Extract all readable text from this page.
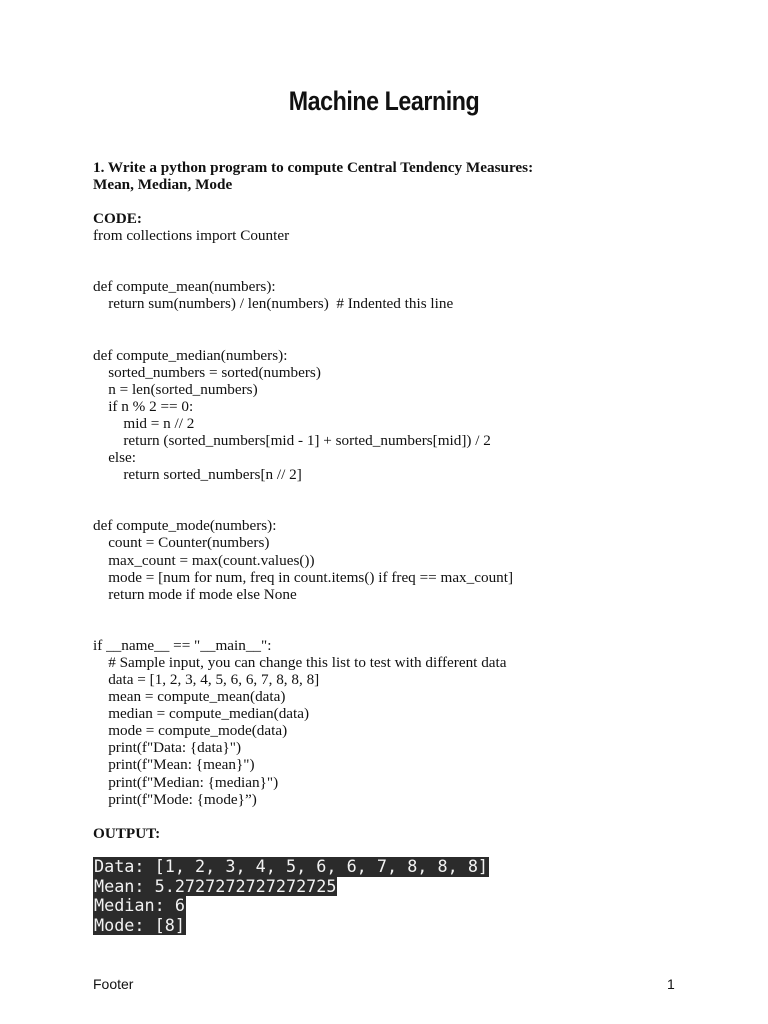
Machine Learning

1. Write a python program to compute Central Tendency Measures:

Mean, Median, Mode

CODE:

from collections import Counter

def compute_mean(numbers):

return sum(numbers) / len(numbers)  # Indented this line

def compute_median(numbers):

sorted_numbers = sorted(numbers)

n = len(sorted_numbers)

if n % 2 == 0:

mid = n // 2

return (sorted_numbers[mid - 1] + sorted_numbers[mid]) / 2

else:

return sorted_numbers[n // 2]

def compute_mode(numbers):

count = Counter(numbers)

max_count = max(count.values())

mode = [num for num, freq in count.items() if freq == max_count]

return mode if mode else None

if __name__ == "__main__":

# Sample input, you can change this list to test with different data

data = [1, 2, 3, 4, 5, 6, 6, 7, 8, 8, 8]

mean = compute_mean(data)

median = compute_median(data)

mode = compute_mode(data)

print(f"Data: {data}")

print(f"Mean: {mean}")

print(f"Median: {median}")

print(f"Mode: {mode}”)

OUTPUT:

Data: [1, 2, 3, 4, 5, 6, 6, 7, 8, 8, 8]
Mean: 5.2727272727272725
Median: 6
Mode: [8]
Footer	1
